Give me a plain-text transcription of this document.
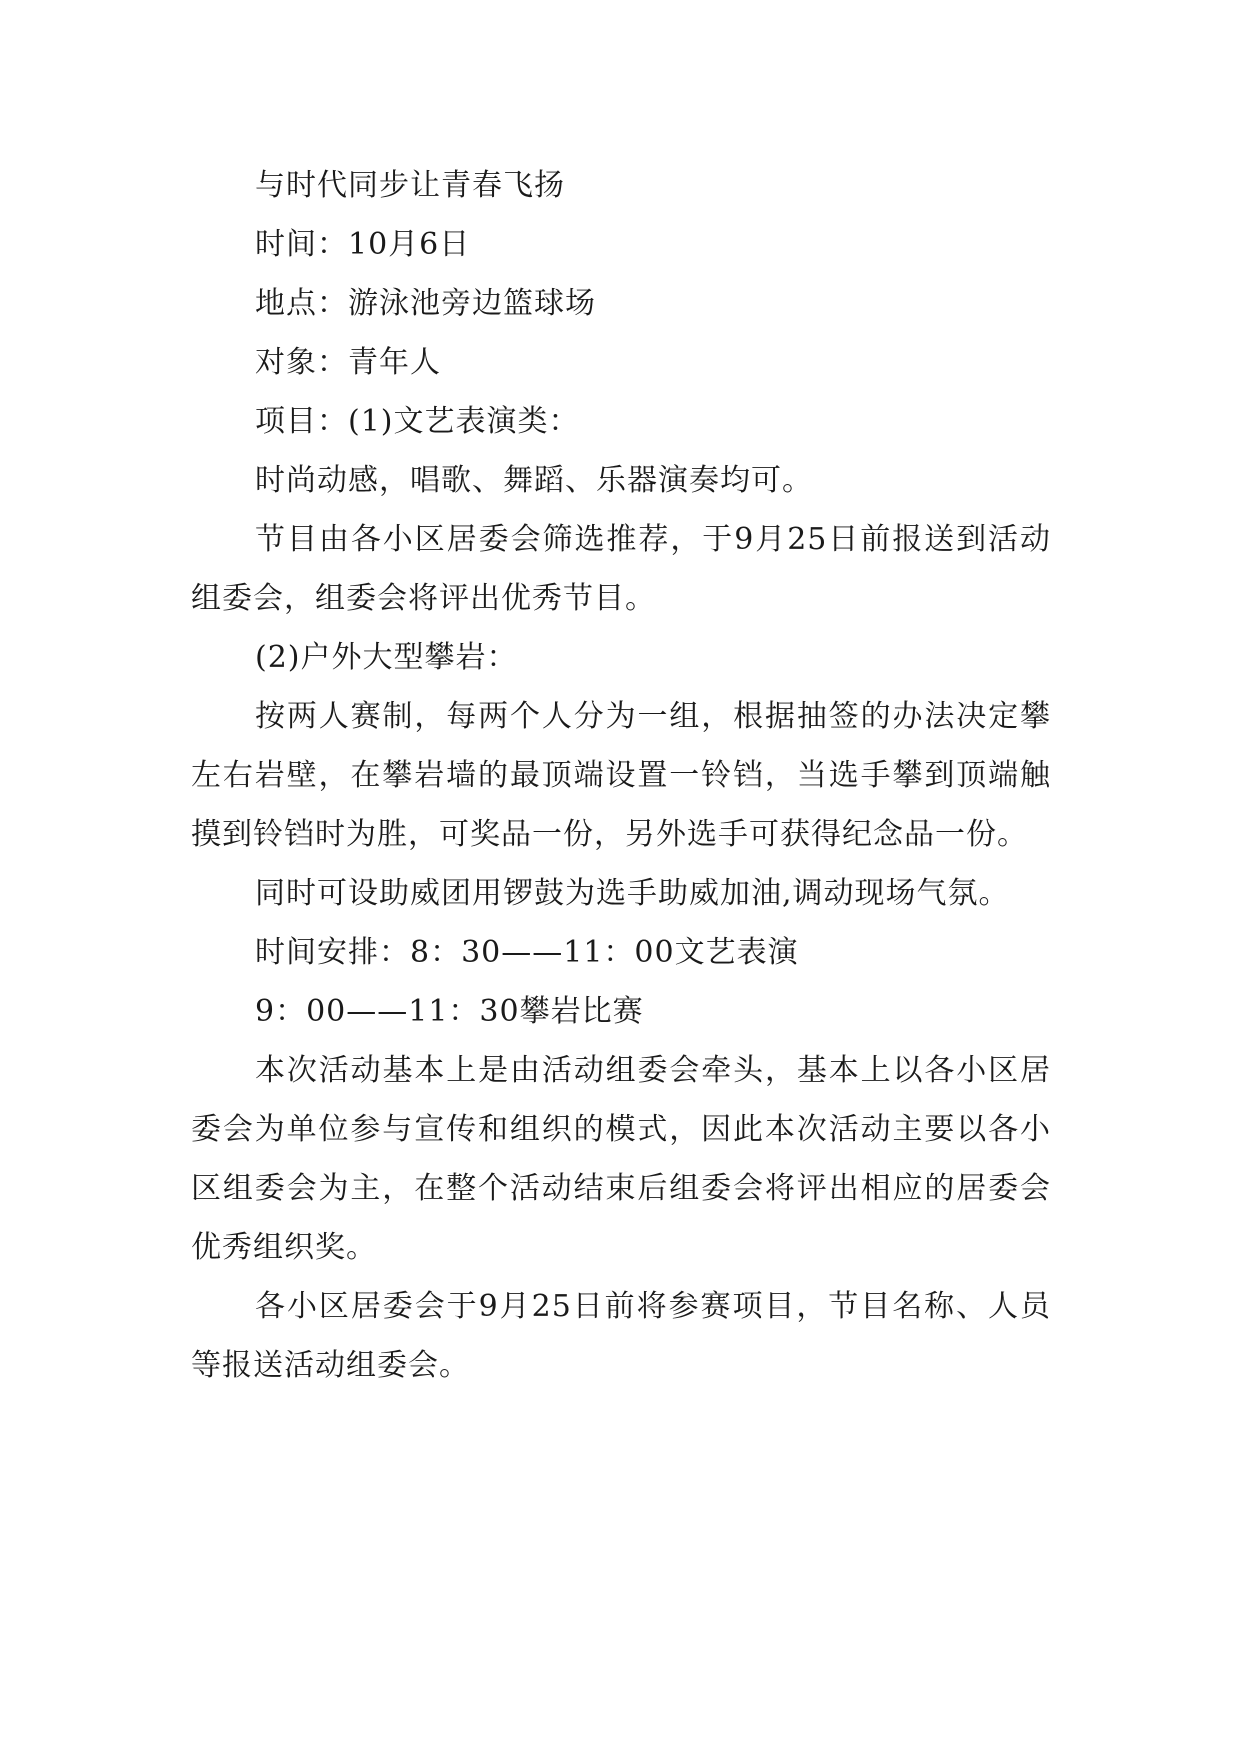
与时代同步让青春飞扬

时间：10月6日

地点：游泳池旁边篮球场

对象：青年人

项目：(1)文艺表演类：

时尚动感，唱歌、舞蹈、乐器演奏均可。

节目由各小区居委会筛选推荐，于9月25日前报送到活动组委会，组委会将评出优秀节目。

(2)户外大型攀岩：

按两人赛制，每两个人分为一组，根据抽签的办法决定攀左右岩壁，在攀岩墙的最顶端设置一铃铛，当选手攀到顶端触摸到铃铛时为胜，可奖品一份，另外选手可获得纪念品一份。

同时可设助威团用锣鼓为选手助威加油,调动现场气氛。

时间安排：8：30——11：00文艺表演

9：00——11：30攀岩比赛

本次活动基本上是由活动组委会牵头，基本上以各小区居委会为单位参与宣传和组织的模式，因此本次活动主要以各小区组委会为主，在整个活动结束后组委会将评出相应的居委会优秀组织奖。

各小区居委会于9月25日前将参赛项目，节目名称、人员等报送活动组委会。
